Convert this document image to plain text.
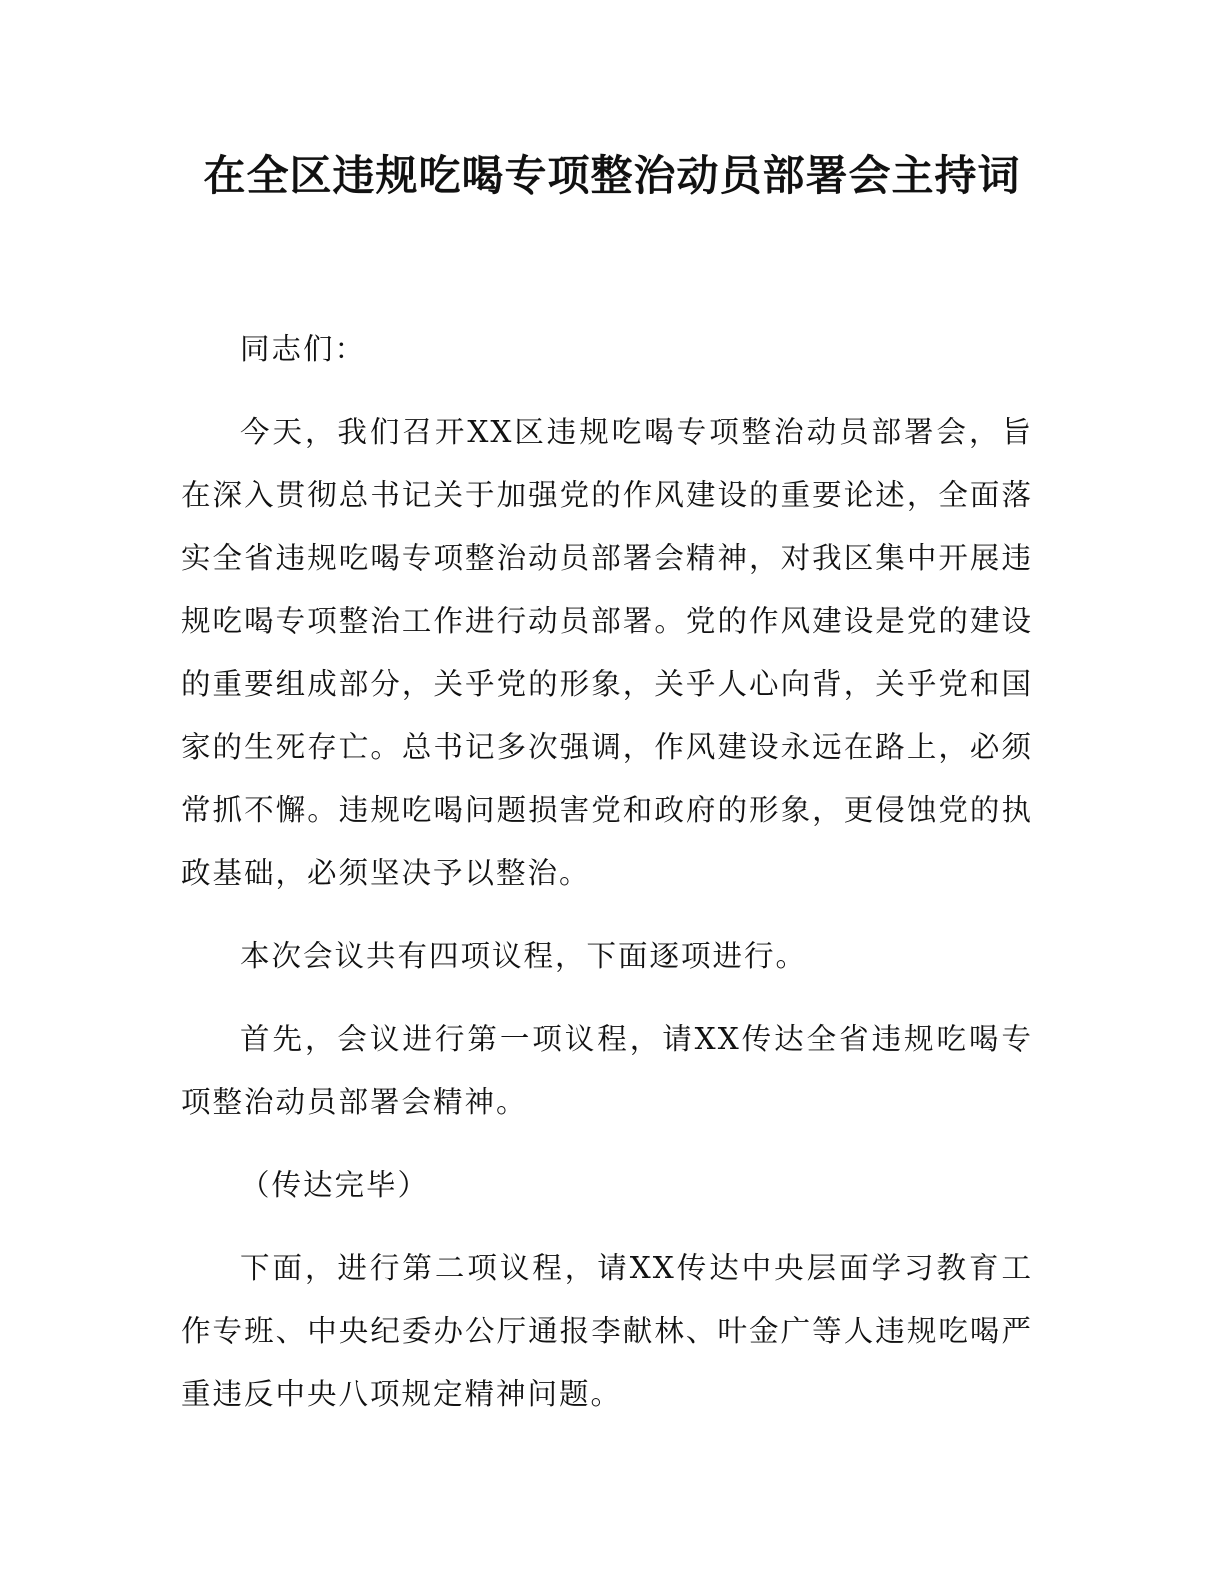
在全区违规吃喝专项整治动员部署会主持词

同志们：

今天，我们召开XX区违规吃喝专项整治动员部署会，旨在深入贯彻总书记关于加强党的作风建设的重要论述，全面落实全省违规吃喝专项整治动员部署会精神，对我区集中开展违规吃喝专项整治工作进行动员部署。党的作风建设是党的建设的重要组成部分，关乎党的形象，关乎人心向背，关乎党和国家的生死存亡。总书记多次强调，作风建设永远在路上，必须常抓不懈。违规吃喝问题损害党和政府的形象，更侵蚀党的执政基础，必须坚决予以整治。

本次会议共有四项议程，下面逐项进行。

首先，会议进行第一项议程，请XX传达全省违规吃喝专项整治动员部署会精神。

（传达完毕）

下面，进行第二项议程，请XX传达中央层面学习教育工作专班、中央纪委办公厅通报李献林、叶金广等人违规吃喝严重违反中央八项规定精神问题。
